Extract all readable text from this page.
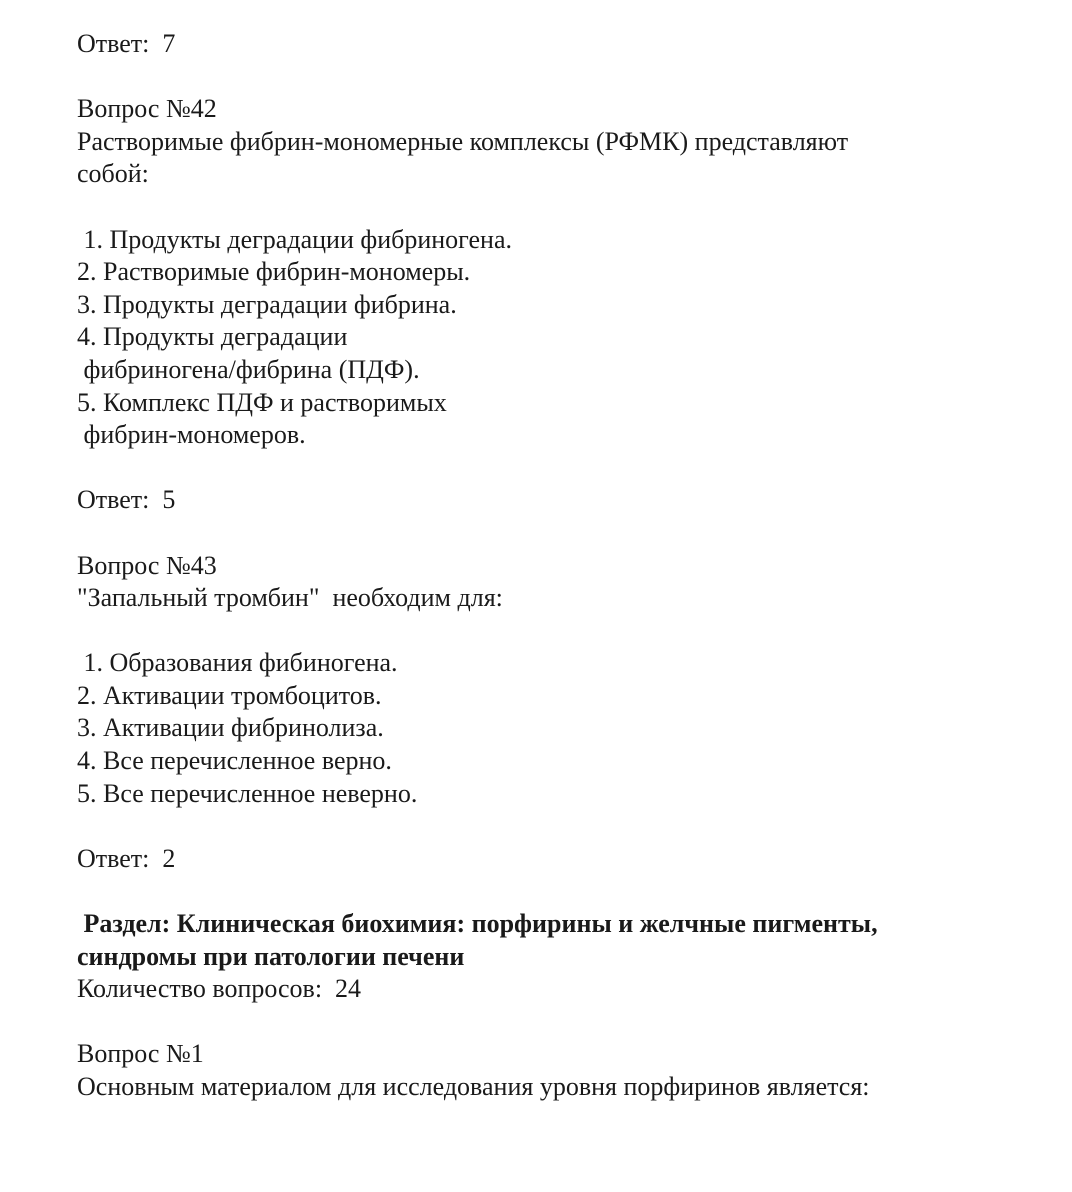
Ответ:  7
Вопрос №42
Растворимые фибрин-мономерные комплексы (РФМК) представляют
собой:
1. Продукты деградации фибриногена.
2. Растворимые фибрин-мономеры.
3. Продукты деградации фибрина.
4. Продукты деградации
фибриногена/фибрина (ПДФ).
5. Комплекс ПДФ и растворимых
фибрин-мономеров.
Ответ:  5
Вопрос №43
"Запальный тромбин"  необходим для:
1. Образования фибиногена.
2. Активации тромбоцитов.
3. Активации фибринолиза.
4. Все перечисленное верно.
5. Все перечисленное неверно.
Ответ:  2
Раздел: Клиническая биохимия: порфирины и желчные пигменты,
синдромы при патологии печени
Количество вопросов:  24
Вопрос №1
Основным материалом для исследования уровня порфиринов является:
